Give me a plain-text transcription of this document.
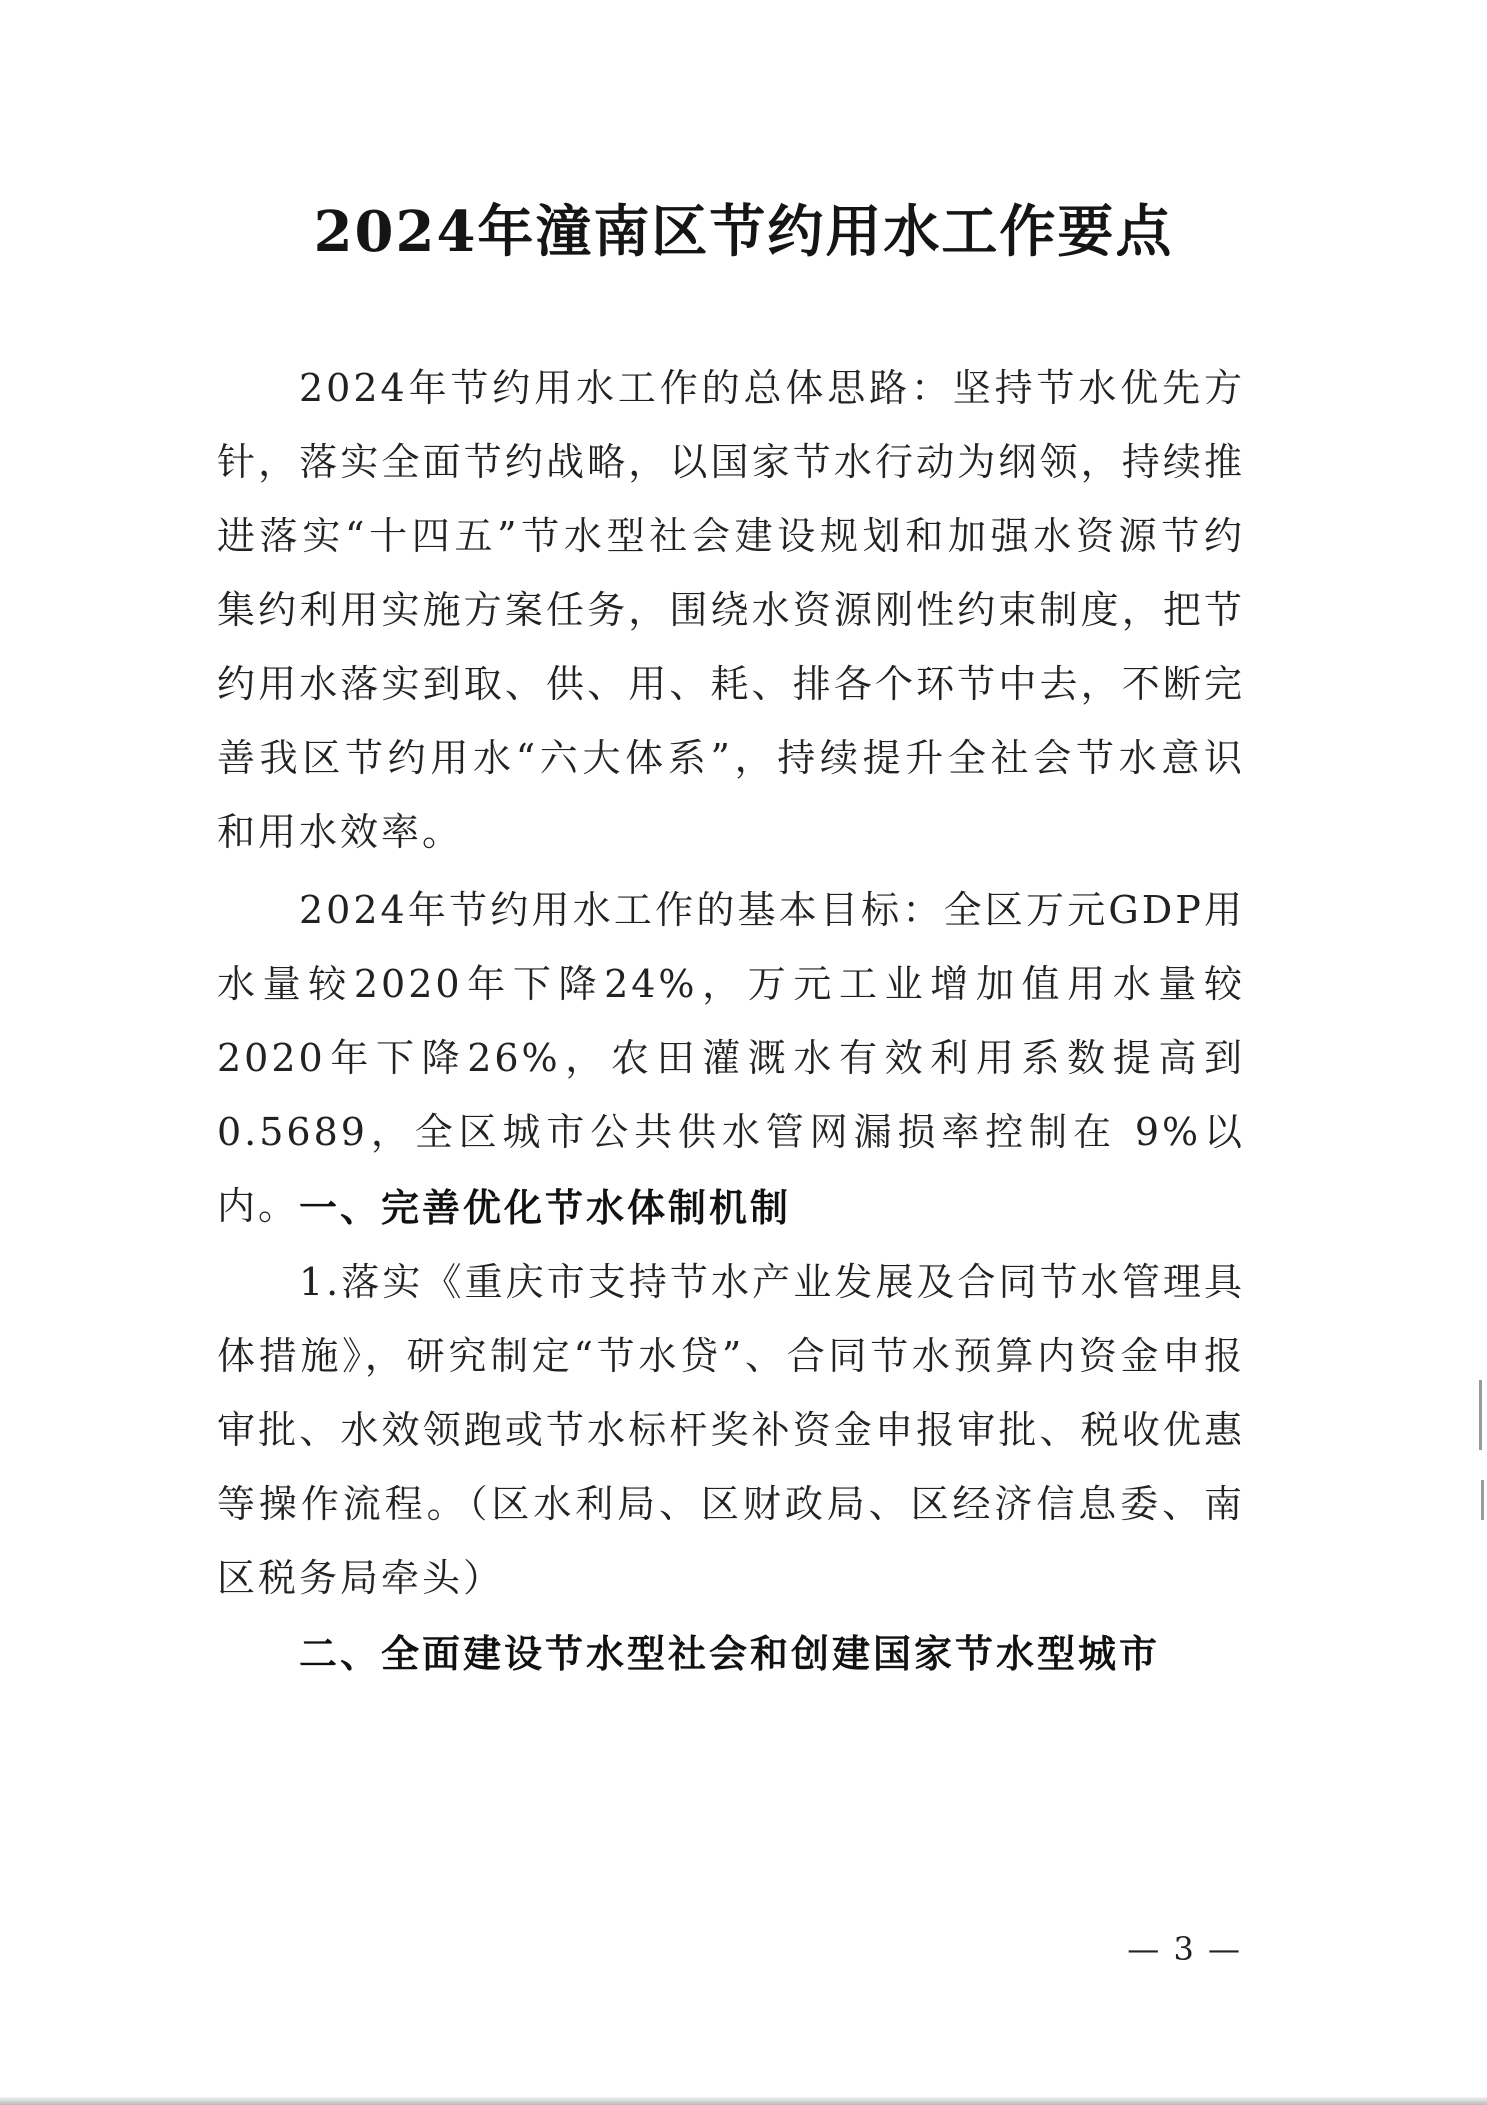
2024年潼南区节约用水工作要点

2024年节约用水工作的总体思路：坚持节水优先方针，落实全面节约战略，以国家节水行动为纲领，持续推进落实“十四五”节水型社会建设规划和加强水资源节约集约利用实施方案任务，围绕水资源刚性约束制度，把节约用水落实到取、供、用、耗、排各个环节中去，不断完善我区节约用水“六大体系”，持续提升全社会节水意识和用水效率。

2024年节约用水工作的基本目标：全区万元GDP用水量较2020年下降24%，万元工业增加值用水量较2020年下降26%，农田灌溉水有效利用系数提高到0.5689，全区城市公共供水管网漏损率控制在 9%以内。 一、完善优化节水体制机制

1.落实《重庆市支持节水产业发展及合同节水管理具体措施》，研究制定“节水贷”、合同节水预算内资金申报审批、水效领跑或节水标杆奖补资金申报审批、税收优惠等操作流程。（区水利局、区财政局、区经济信息委、南区税务局牵头）

二、全面建设节水型社会和创建国家节水型城市

— 3 —
